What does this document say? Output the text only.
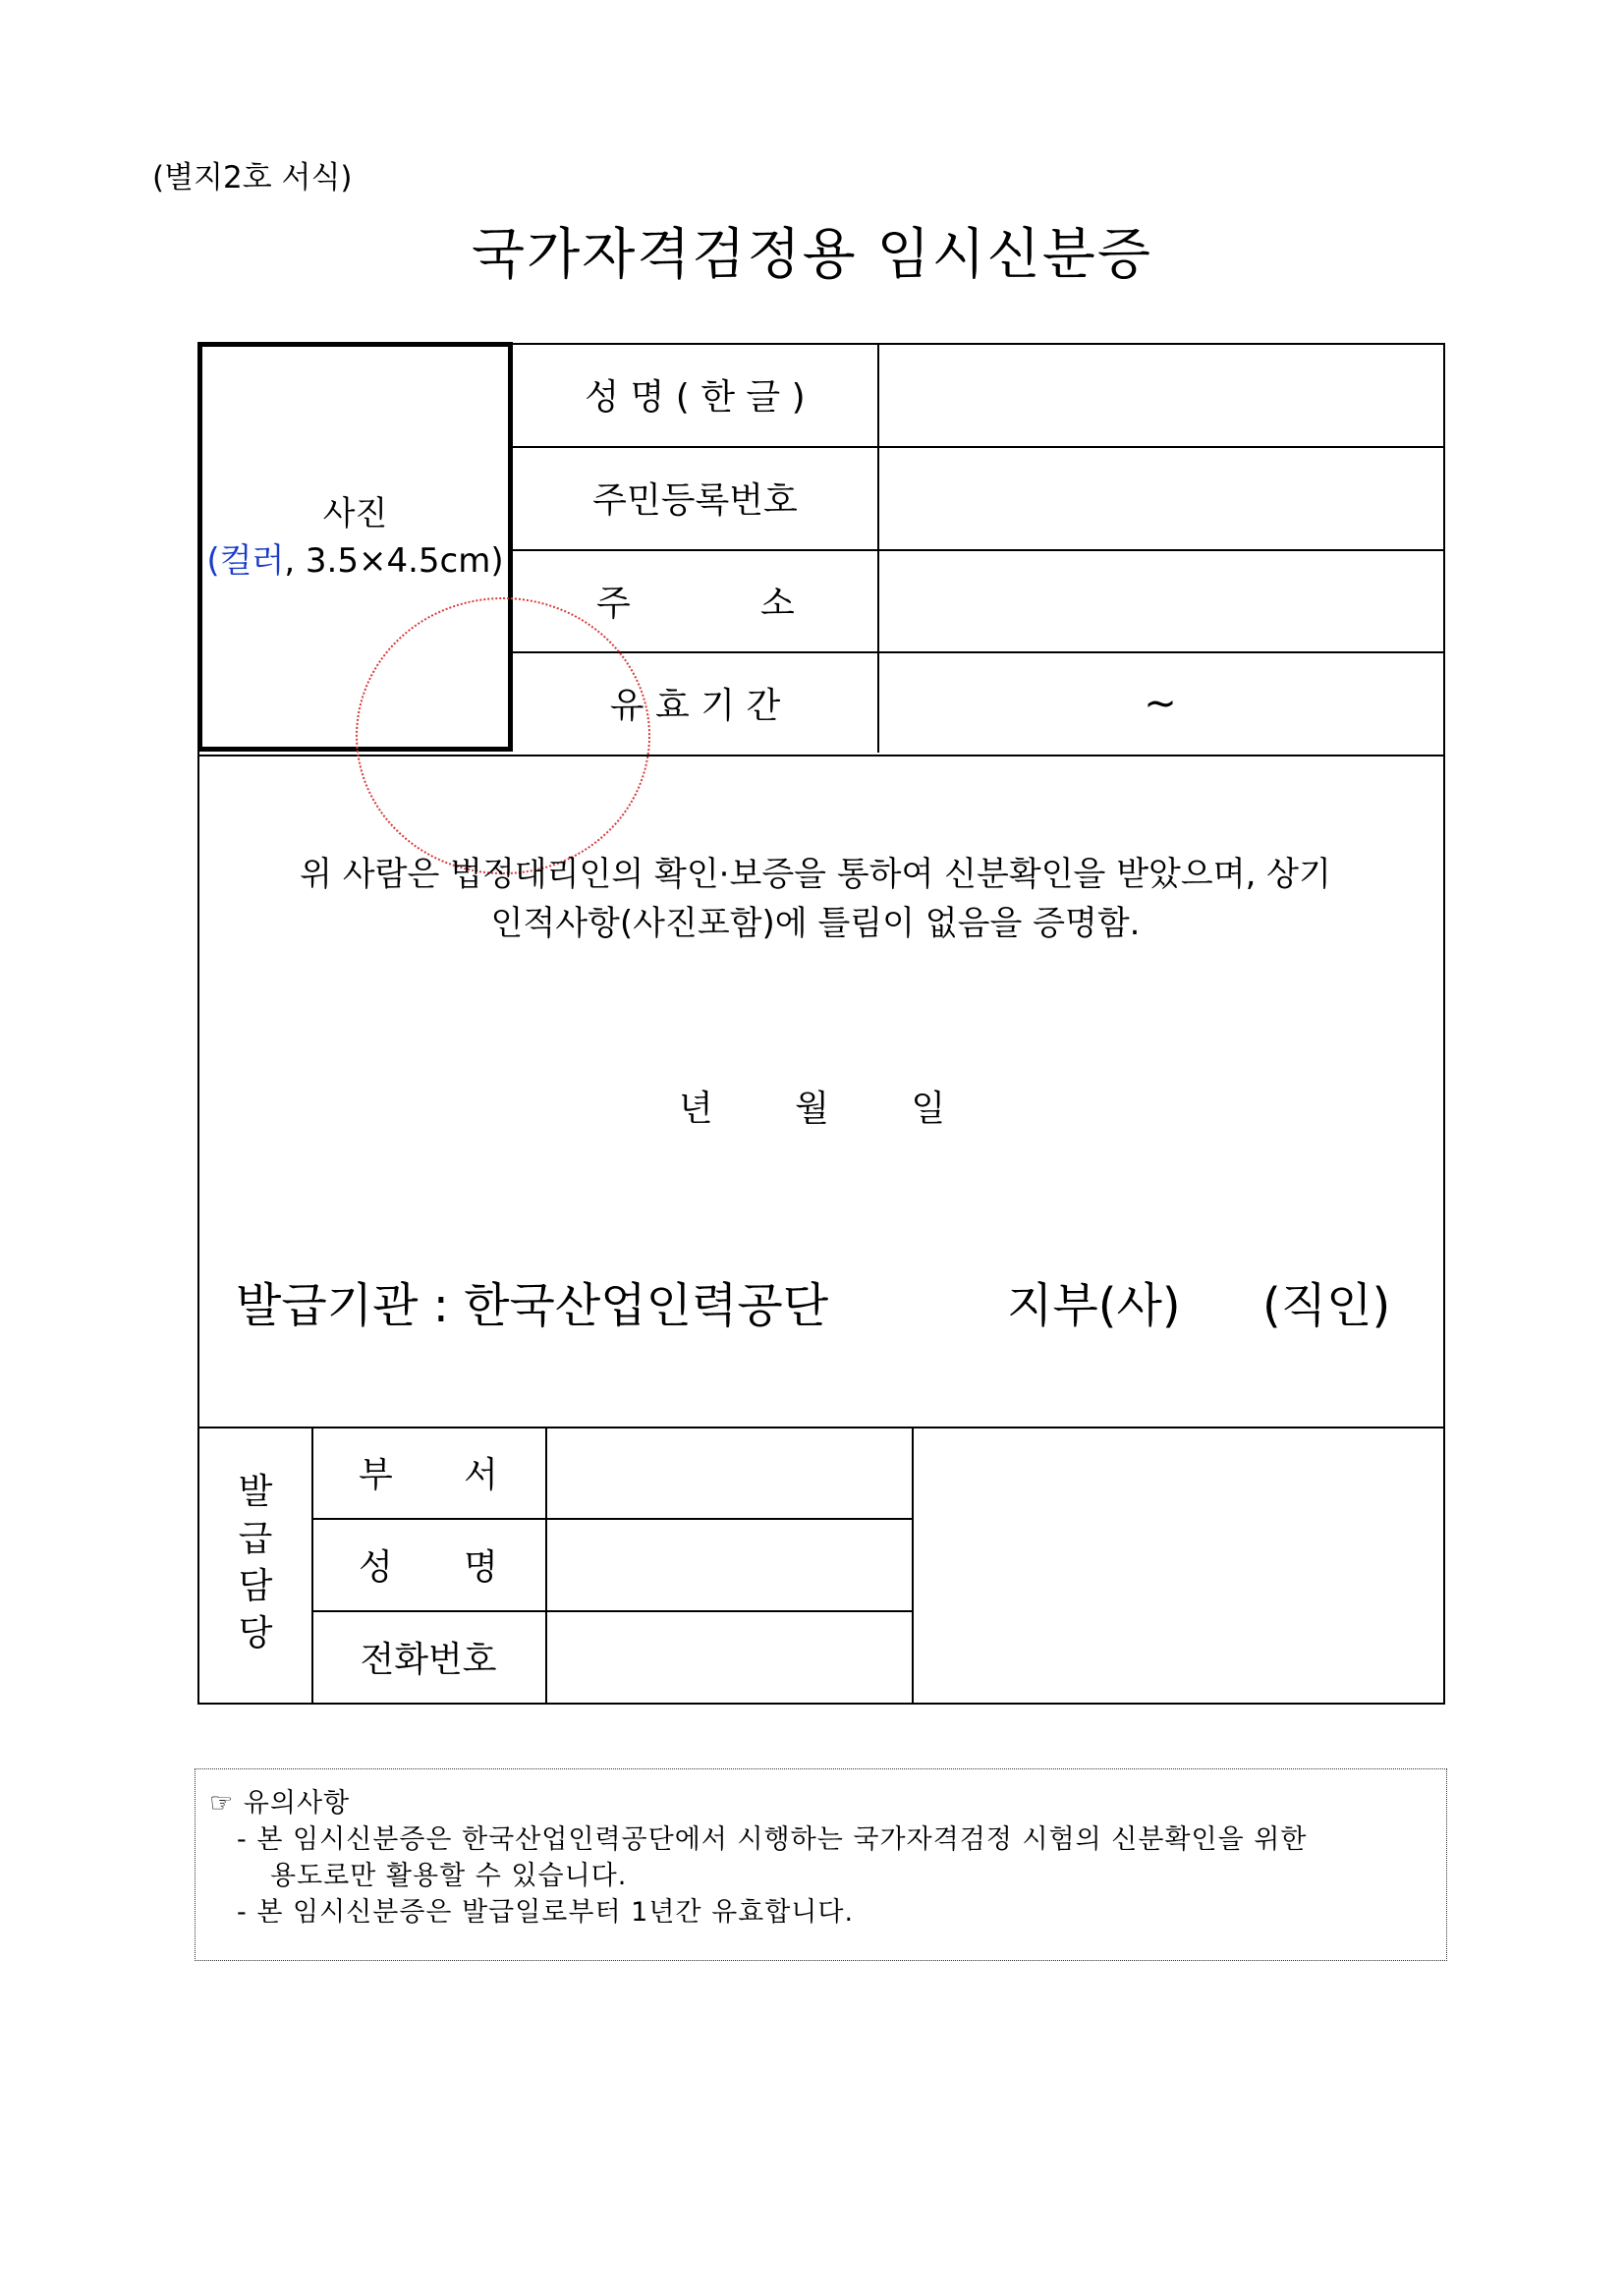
(별지2호 서식)
국가자격검정용 임시신분증
사진
(컬러, 3.5×4.5cm)
성 명 ( 한 글 )
주민등록번호
주	소
유 효 기 간	~
위 사람은 법정대리인의 확인·보증을 통하여 신분확인을 받았으며, 상기
인적사항(사진포함)에 틀림이 없음을 증명함.
년 월 일
발급기관 : 한국산업인력공단	지부(사) (직인)
발
급
담
당
부 서
성 명
전화번호
☞ 유의사항
- 본 임시신분증은 한국산업인력공단에서 시행하는 국가자격검정 시험의 신분확인을 위한
용도로만 활용할 수 있습니다.
- 본 임시신분증은 발급일로부터 1년간 유효합니다.
